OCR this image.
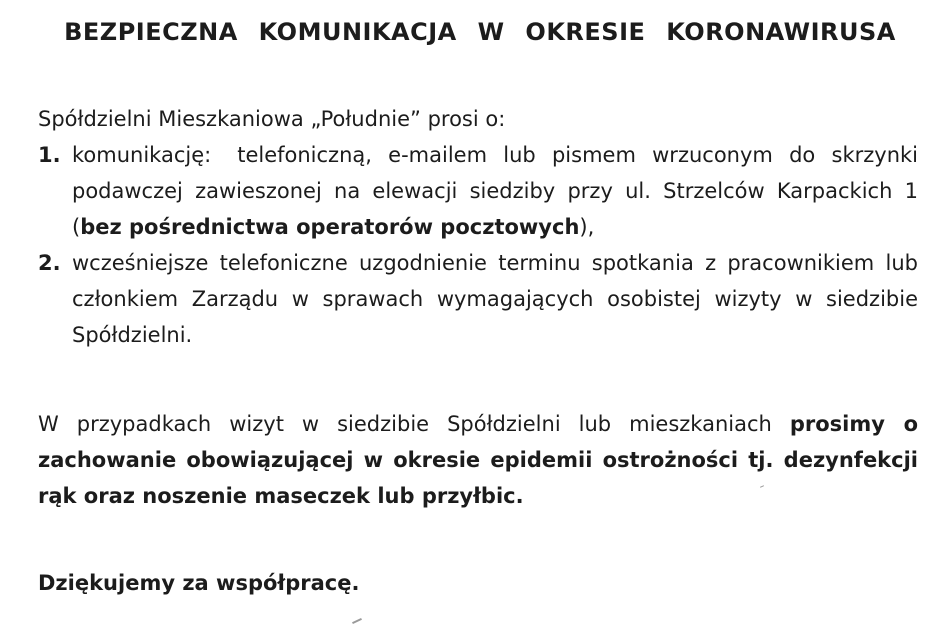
BEZPIECZNA KOMUNIKACJA W OKRESIE KORONAWIRUSA
Spółdzielni Mieszkaniowa „Południe” prosi o:
1. komunikację: telefoniczną, e-mailem lub pismem wrzuconym do skrzynki podawczej zawieszonej na elewacji siedziby przy ul. Strzelców Karpackich 1 (bez pośrednictwa operatorów pocztowych),
2. wcześniejsze telefoniczne uzgodnienie terminu spotkania z pracownikiem lub członkiem Zarządu w sprawach wymagających osobistej wizyty w siedzibie Spółdzielni.
W przypadkach wizyt w siedzibie Spółdzielni lub mieszkaniach prosimy o zachowanie obowiązującej w okresie epidemii ostrożności tj. dezynfekcji rąk oraz noszenie maseczek lub przyłbic.
Dziękujemy za współpracę.
